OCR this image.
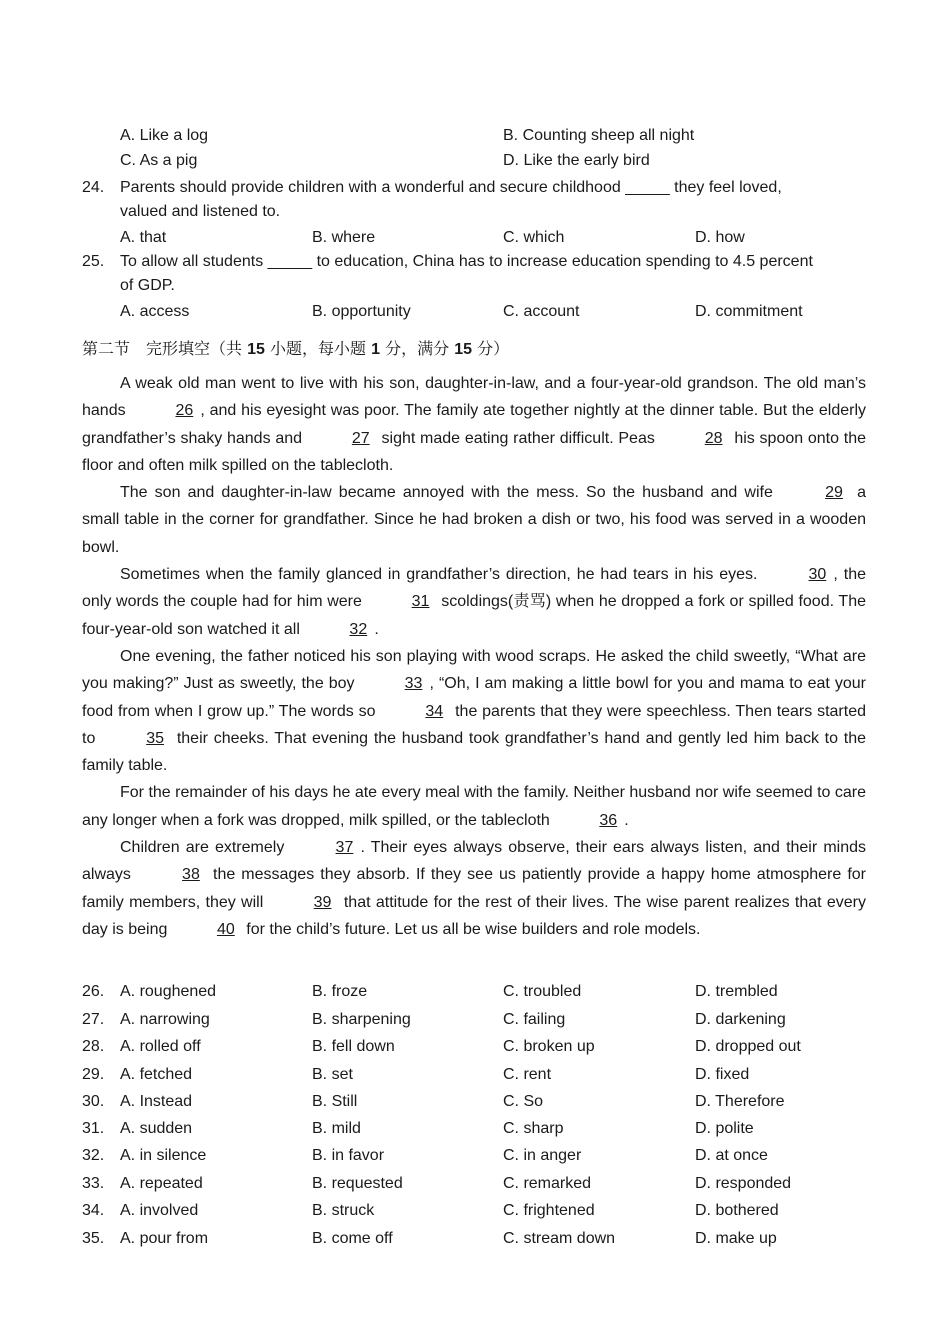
A. Like a log	B. Counting sheep all night
C. As a pig	D. Like the early bird
24. Parents should provide children with a wonderful and secure childhood _____ they feel loved,
valued and listened to.
A. that	B. where	C. which	D. how
25. To allow all students _____ to education, China has to increase education spending to 4.5 percent
of GDP.
A. access	B. opportunity	C. account	D. commitment
第二节　完形填空（共 15 小题，每小题 1 分，满分 15 分）

A weak old man went to live with his son, daughter-in-law, and a four-year-old grandson. The old man’s hands	26 , and his eyesight was poor. The family ate together nightly at the dinner table. But the elderly grandfather’s shaky hands and	27 sight made eating rather difficult. Peas	28 his spoon onto the floor and often milk spilled on the tablecloth.

The son and daughter-in-law became annoyed with the mess. So the husband and wife	29 a small table in the corner for grandfather. Since he had broken a dish or two, his food was served in a wooden bowl.

Sometimes when the family glanced in grandfather’s direction, he had tears in his eyes.	30 , the only words the couple had for him were	31 scoldings(责骂) when he dropped a fork or spilled food. The four-year-old son watched it all	32 .

One evening, the father noticed his son playing with wood scraps. He asked the child sweetly, “What are you making?” Just as sweetly, the boy	33 , “Oh, I am making a little bowl for you and mama to eat your food from when I grow up.” The words so	34 the parents that they were speechless. Then tears started to	35 their cheeks. That evening the husband took grandfather’s hand and gently led him back to the family table.

For the remainder of his days he ate every meal with the family. Neither husband nor wife seemed to care any longer when a fork was dropped, milk spilled, or the tablecloth	36 .

Children are extremely	37 . Their eyes always observe, their ears always listen, and their minds always	38 the messages they absorb. If they see us patiently provide a happy home atmosphere for family members, they will	39 that attitude for the rest of their lives. The wise parent realizes that every day is being	40 for the child’s future. Let us all be wise builders and role models.

26. A. roughened	B. froze	C. troubled	D. trembled
27. A. narrowing	B. sharpening	C. failing	D. darkening
28. A. rolled off	B. fell down	C. broken up	D. dropped out
29. A. fetched	B. set	C. rent	D. fixed
30. A. Instead	B. Still	C. So	D. Therefore
31. A. sudden	B. mild	C. sharp	D. polite
32. A. in silence	B. in favor	C. in anger	D. at once
33. A. repeated	B. requested	C. remarked	D. responded
34. A. involved	B. struck	C. frightened	D. bothered
35. A. pour from	B. come off	C. stream down	D. make up
